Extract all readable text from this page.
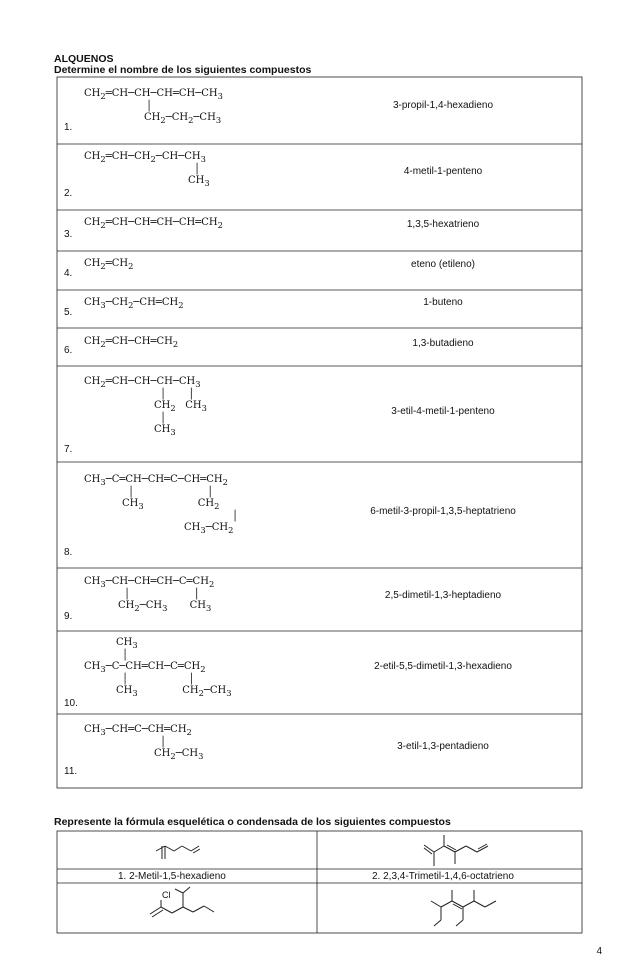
ALQUENOS
Determine el nombre de los siguientes compuestos
$CH_2═CH─CH─CH═CH─CH_3$
│
$CH_2─CH_2─CH_3$
$CH_2═CH─CH_2─CH─CH_3$
│
$CH_3$
$CH_2═CH─CH═CH─CH═CH_2$
$CH_2═CH_2$
$CH_3─CH_2─CH═CH_2$
$CH_2═CH─CH═CH_2$
$CH_2═CH─CH─CH─CH_3$
│       │
$CH_2$   $CH_3$
│
$CH_3$
$CH_3─C═CH─CH═C─CH═CH_2$
│                       │
$CH_3$                 $CH_2$
│
$CH_3─CH_2$
$CH_3─CH─CH═CH─C═CH_2$
│                    │
$CH_2─CH_3$       $CH_3$
$CH_3$
│
$CH_3─C─CH═CH─C═CH_2$
│                   │
$CH_3$              $CH_2─CH_3$
$CH_3─CH═C─CH═CH_2$
│
$CH_2─CH_3$
1.
2.
3.
4.
5.
6.
7.
8.
9.
10.
11.
3-propil-1,4-hexadieno
4-metil-1-penteno
1,3,5-hexatrieno
eteno (etileno)
1-buteno
1,3-butadieno
3-etil-4-metil-1-penteno
6-metil-3-propil-1,3,5-heptatrieno
2,5-dimetil-1,3-heptadieno
2-etil-5,5-dimetil-1,3-hexadieno
3-etil-1,3-pentadieno
Represente la fórmula esquelética o condensada de los siguientes compuestos
1. 2-Metil-1,5-hexadieno	2. 2,3,4-Trimetil-1,4,6-octatrieno
Cl
4
